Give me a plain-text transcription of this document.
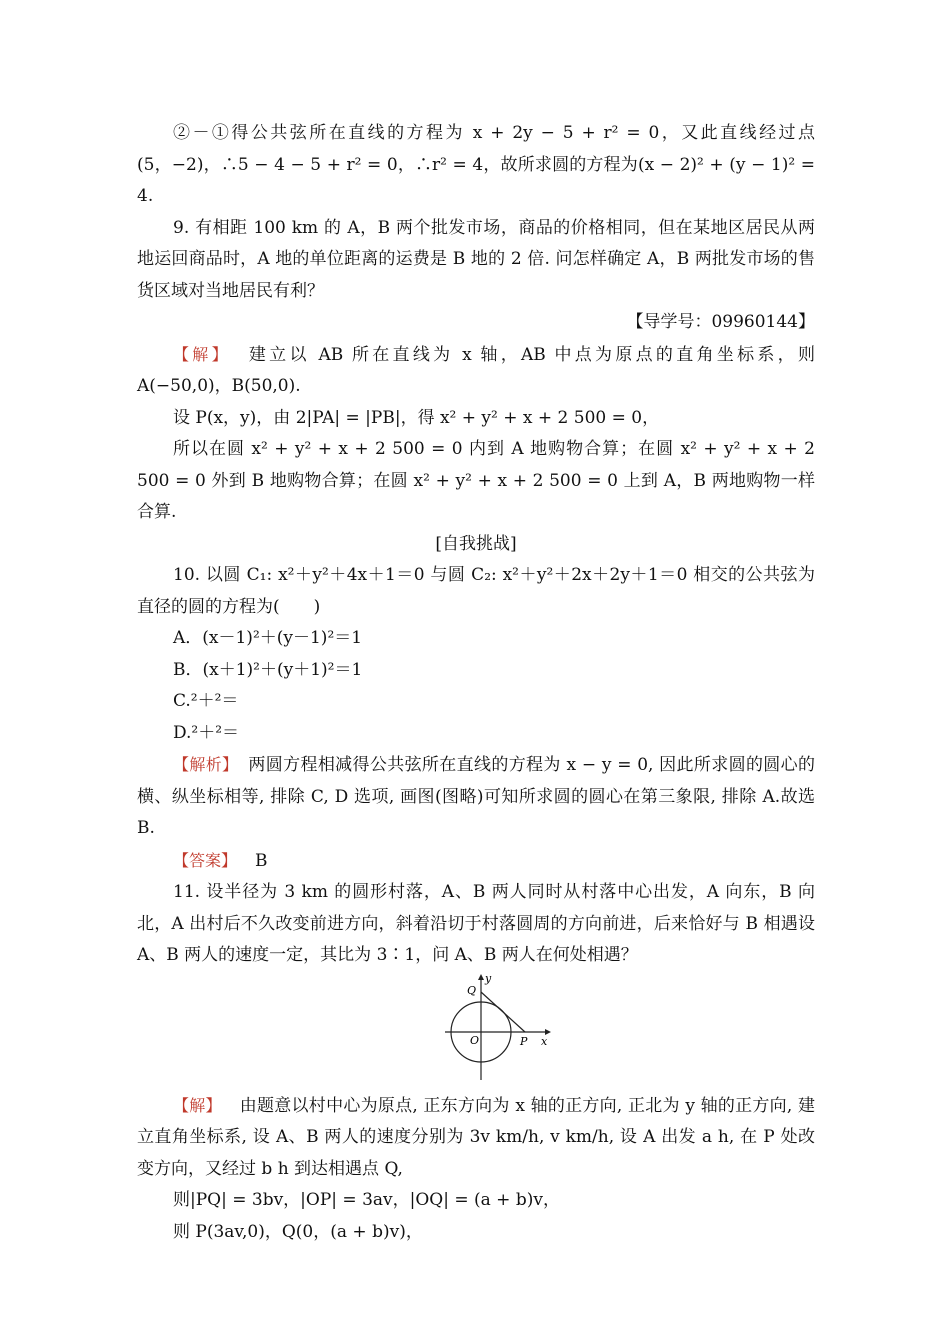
②－①得公共弦所在直线的方程为 x + 2y − 5 + r² = 0，又此直线经过点(5，−2)，∴5 − 4 − 5 + r² = 0，∴r² = 4，故所求圆的方程为(x − 2)² + (y − 1)² = 4.

9. 有相距 100 km 的 A，B 两个批发市场，商品的价格相同，但在某地区居民从两地运回商品时，A 地的单位距离的运费是 B 地的 2 倍. 问怎样确定 A，B 两批发市场的售货区域对当地居民有利？

【导学号：09960144】

【解】 建立以 AB 所在直线为 x 轴，AB 中点为原点的直角坐标系，则 A(−50,0)，B(50,0).

设 P(x，y)，由 2|PA| = |PB|，得 x² + y² + x + 2 500 = 0，

所以在圆 x² + y² + x + 2 500 = 0 内到 A 地购物合算；在圆 x² + y² + x + 2 500 = 0 外到 B 地购物合算；在圆 x² + y² + x + 2 500 = 0 上到 A，B 两地购物一样合算.

[自我挑战]

10. 以圆 C₁: x²＋y²＋4x＋1＝0 与圆 C₂: x²＋y²＋2x＋2y＋1＝0 相交的公共弦为直径的圆的方程为(　　)

A．(x－1)²＋(y－1)²＝1

B．(x＋1)²＋(y＋1)²＝1

C.²＋²＝

D.²＋²＝

【解析】 两圆方程相减得公共弦所在直线的方程为 x − y = 0, 因此所求圆的圆心的横、纵坐标相等, 排除 C, D 选项, 画图(图略)可知所求圆的圆心在第三象限, 排除 A.故选 B.

【答案】 B

11. 设半径为 3 km 的圆形村落，A、B 两人同时从村落中心出发，A 向东，B 向北，A 出村后不久改变前进方向，斜着沿切于村落圆周的方向前进，后来恰好与 B 相遇设 A、B 两人的速度一定，其比为 3∶1，问 A、B 两人在何处相遇？

y
Q
O	P x

【解】 由题意以村中心为原点, 正东方向为 x 轴的正方向, 正北为 y 轴的正方向, 建立直角坐标系, 设 A、B 两人的速度分别为 3v km/h, v km/h, 设 A 出发 a h, 在 P 处改变方向，又经过 b h 到达相遇点 Q,

则|PQ| = 3bv，|OP| = 3av，|OQ| = (a + b)v，

则 P(3av,0)，Q(0，(a + b)v)，
